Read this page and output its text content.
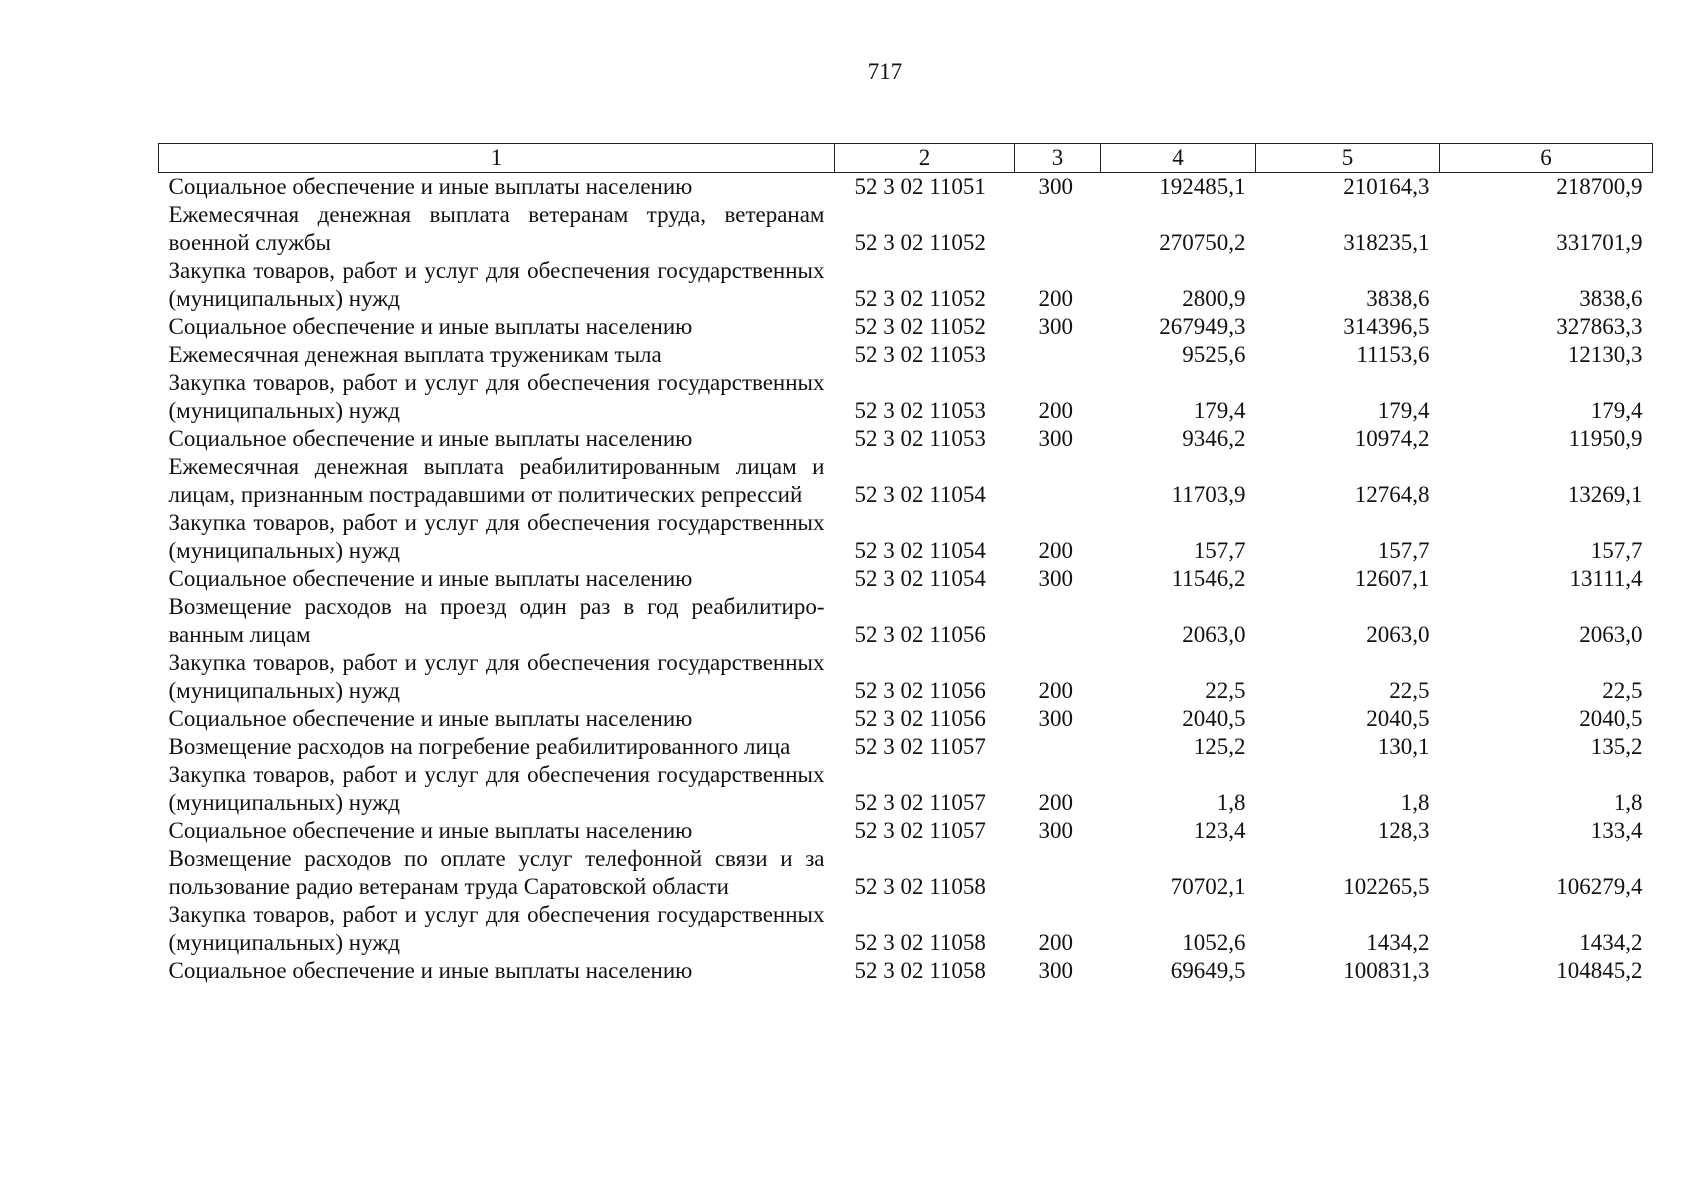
717
1	2	3	4	5	6
Социальное обеспечение и иные выплаты населению	52 3 02 11051	300	192485,1	210164,3	218700,9
Ежемесячная денежная выплата ветеранам труда, ветеранам военной службы	52 3 02 11052		270750,2	318235,1	331701,9
Закупка товаров, работ и услуг для обеспечения государственных (муниципальных) нужд	52 3 02 11052	200	2800,9	3838,6	3838,6
Социальное обеспечение и иные выплаты населению	52 3 02 11052	300	267949,3	314396,5	327863,3
Ежемесячная денежная выплата труженикам тыла	52 3 02 11053		9525,6	11153,6	12130,3
Закупка товаров, работ и услуг для обеспечения государственных (муниципальных) нужд	52 3 02 11053	200	179,4	179,4	179,4
Социальное обеспечение и иные выплаты населению	52 3 02 11053	300	9346,2	10974,2	11950,9
Ежемесячная денежная выплата реабилитированным лицам и лицам, признанным пострадавшими от политических репрессий	52 3 02 11054		11703,9	12764,8	13269,1
Закупка товаров, работ и услуг для обеспечения государственных (муниципальных) нужд	52 3 02 11054	200	157,7	157,7	157,7
Социальное обеспечение и иные выплаты населению	52 3 02 11054	300	11546,2	12607,1	13111,4
Возмещение расходов на проезд один раз в год реабилитированным лицам	52 3 02 11056		2063,0	2063,0	2063,0
Закупка товаров, работ и услуг для обеспечения государственных (муниципальных) нужд	52 3 02 11056	200	22,5	22,5	22,5
Социальное обеспечение и иные выплаты населению	52 3 02 11056	300	2040,5	2040,5	2040,5
Возмещение расходов на погребение реабилитированного лица	52 3 02 11057		125,2	130,1	135,2
Закупка товаров, работ и услуг для обеспечения государственных (муниципальных) нужд	52 3 02 11057	200	1,8	1,8	1,8
Социальное обеспечение и иные выплаты населению	52 3 02 11057	300	123,4	128,3	133,4
Возмещение расходов по оплате услуг телефонной связи и за пользование радио ветеранам труда Саратовской области	52 3 02 11058		70702,1	102265,5	106279,4
Закупка товаров, работ и услуг для обеспечения государственных (муниципальных) нужд	52 3 02 11058	200	1052,6	1434,2	1434,2
Социальное обеспечение и иные выплаты населению	52 3 02 11058	300	69649,5	100831,3	104845,2
